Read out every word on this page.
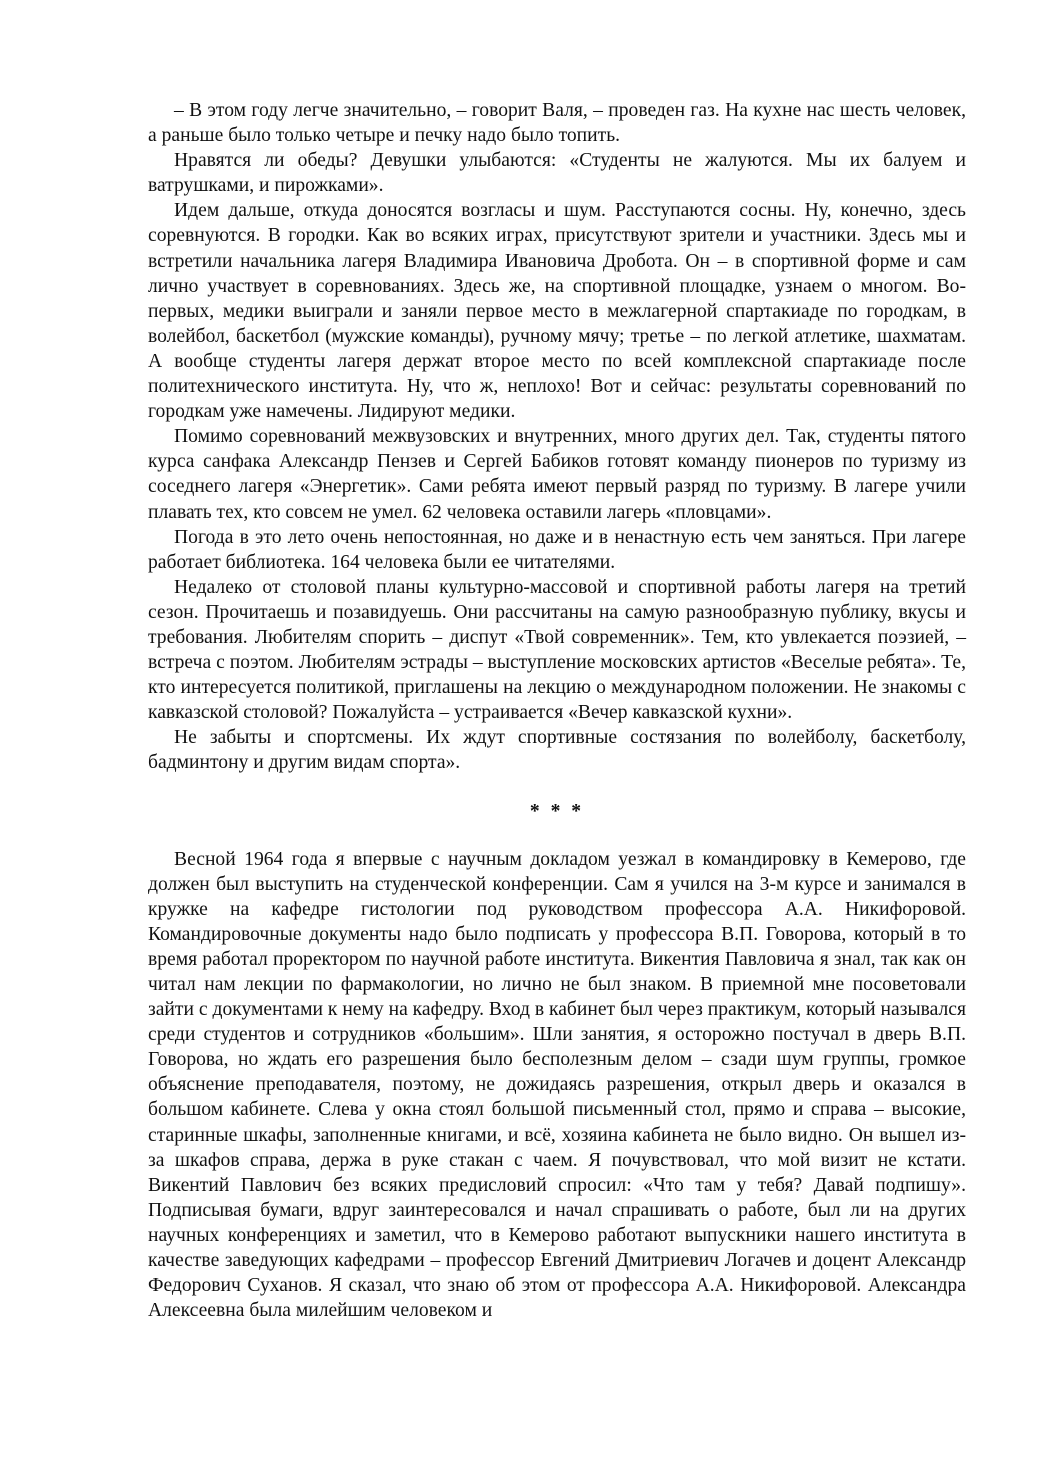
– В этом году легче значительно, – говорит Валя, – проведен газ. На кухне нас шесть человек, а раньше было только четыре и печку надо было топить.

Нравятся ли обеды? Девушки улыбаются: «Студенты не жалуются. Мы их балуем и ватрушками, и пирожками».

Идем дальше, откуда доносятся возгласы и шум. Расступаются сосны. Ну, конечно, здесь соревнуются. В городки. Как во всяких играх, присутствуют зрители и участники. Здесь мы и встретили начальника лагеря Владимира Ивановича Дробота. Он – в спортивной форме и сам лично участвует в соревнованиях. Здесь же, на спортивной площадке, узнаем о многом. Во-первых, медики выиграли и заняли первое место в межлагерной спартакиаде по городкам, в волейбол, баскетбол (мужские команды), ручному мячу; третье – по легкой атлетике, шахматам. А вообще студенты лагеря держат второе место по всей комплексной спартакиаде после политехнического института. Ну, что ж, неплохо! Вот и сейчас: результаты соревнований по городкам уже намечены. Лидируют медики.

Помимо соревнований межвузовских и внутренних, много других дел. Так, студенты пятого курса санфака Александр Пензев и Сергей Бабиков готовят команду пионеров по туризму из соседнего лагеря «Энергетик». Сами ребята имеют первый разряд по туризму. В лагере учили плавать тех, кто совсем не умел. 62 человека оставили лагерь «пловцами».

Погода в это лето очень непостоянная, но даже и в ненастную есть чем заняться. При лагере работает библиотека. 164 человека были ее читателями.

Недалеко от столовой планы культурно-массовой и спортивной работы лагеря на третий сезон. Прочитаешь и позавидуешь. Они рассчитаны на самую разнообразную публику, вкусы и требования. Любителям спорить – диспут «Твой современник». Тем, кто увлекается поэзией, – встреча с поэтом. Любителям эстрады – выступление московских артистов «Веселые ребята». Те, кто интересуется политикой, приглашены на лекцию о международном положении. Не знакомы с кавказской столовой? Пожалуйста – устраивается «Вечер кавказской кухни».

Не забыты и спортсмены. Их ждут спортивные состязания по волейболу, баскетболу, бадминтону и другим видам спорта».

* * *

Весной 1964 года я впервые с научным докладом уезжал в командировку в Кемерово, где должен был выступить на студенческой конференции. Сам я учился на 3-м курсе и занимался в кружке на кафедре гистологии под руководством профессора А.А. Никифоровой. Командировочные документы надо было подписать у профессора В.П. Говорова, который в то время работал проректором по научной работе института. Викентия Павловича я знал, так как он читал нам лекции по фармакологии, но лично не был знаком. В приемной мне посоветовали зайти с документами к нему на кафедру. Вход в кабинет был через практикум, который назывался среди студентов и сотрудников «большим». Шли занятия, я осторожно постучал в дверь В.П. Говорова, но ждать его разрешения было бесполезным делом – сзади шум группы, громкое объяснение преподавателя, поэтому, не дожидаясь разрешения, открыл дверь и оказался в большом кабинете. Слева у окна стоял большой письменный стол, прямо и справа – высокие, старинные шкафы, заполненные книгами, и всё, хозяина кабинета не было видно. Он вышел из-за шкафов справа, держа в руке стакан с чаем. Я почувствовал, что мой визит не кстати. Викентий Павлович без всяких предисловий спросил: «Что там у тебя? Давай подпишу». Подписывая бумаги, вдруг заинтересовался и начал спрашивать о работе, был ли на других научных конференциях и заметил, что в Кемерово работают выпускники нашего института в качестве заведующих кафедрами – профессор Евгений Дмитриевич Логачев и доцент Александр Федорович Суханов. Я сказал, что знаю об этом от профессора А.А. Никифоровой. Александра Алексеевна была милейшим человеком и
